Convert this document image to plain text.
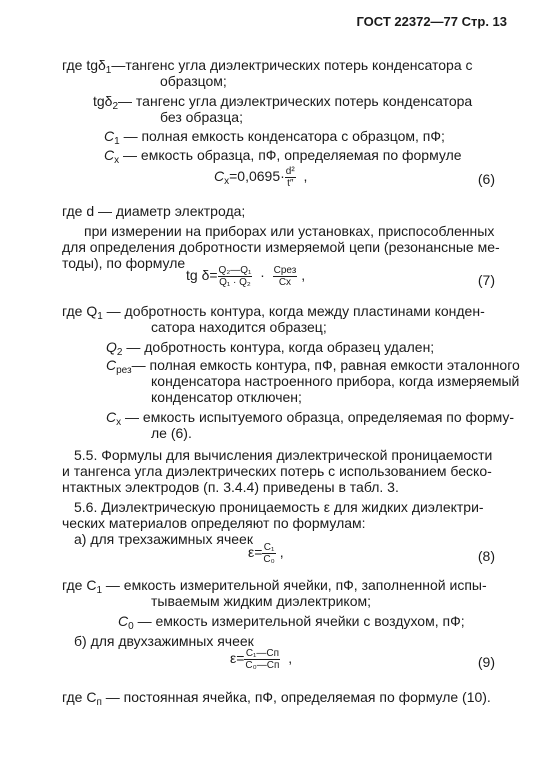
ГОСТ 22372—77 Стр. 13
где tgδ$_1$—тангенс угла диэлектрических потерь конденсатора с
образцом;
tgδ$_2$— тангенс угла диэлектрических потерь конденсатора
без образца;
$C_1$ — полная емкость конденсатора с образцом, пФ;
$C_x$ — емкость образца, пФ, определяемая по формуле
$C_x=0,0695\cdot \frac{\text{d²}}{t''}$ ,	(6)
где d — диаметр электрода;
при измерении на приборах или установках, приспособленных
для определения добротности измеряемой цепи (резонансные ме-
тоды), по формуле
tg $\delta= \frac{\text{Q₂—Q₁}}{\text{Q₁ · Q₂}} \cdot \frac{\text{Cрез}}{Cx}$ ,	(7)
где $Q_1$ — добротность контура, когда между пластинами конден-
сатора находится образец;
$Q_2$ — добротность контура, когда образец удален;
$C_{рез}—$ полная емкость контура, пФ, равная емкости эталонного
конденсатора настроенного прибора, когда измеряемый
конденсатор отключен;
$C_x$ — емкость испытуемого образца, определяемая по форму-
ле (6).
5.5. Формулы для вычисления диэлектрической проницаемости
и тангенса угла диэлектрических потерь с использованием беско-
нтактных электродов (п. 3.4.4) приведены в табл. 3.
5.6. Диэлектрическую проницаемость ε для жидких диэлектри-
ческих материалов определяют по формулам:
а) для трехзажимных ячеек
$\varepsilon= \frac{\text{C₁}}{\text{C₀}}$ ,	(8)
где $C_1$ — емкость измерительной ячейки, пФ, заполненной испы-
тываемым жидким диэлектриком;
$C_0$ — емкость измерительной ячейки с воздухом, пФ;
б) для двухзажимных ячеек
$\varepsilon= \frac{\text{C₁—Cп}}{\text{C₀—Cп}}$ ,	(9)
где $C_п$ — постоянная ячейка, пФ, определяемая по формуле (10).
